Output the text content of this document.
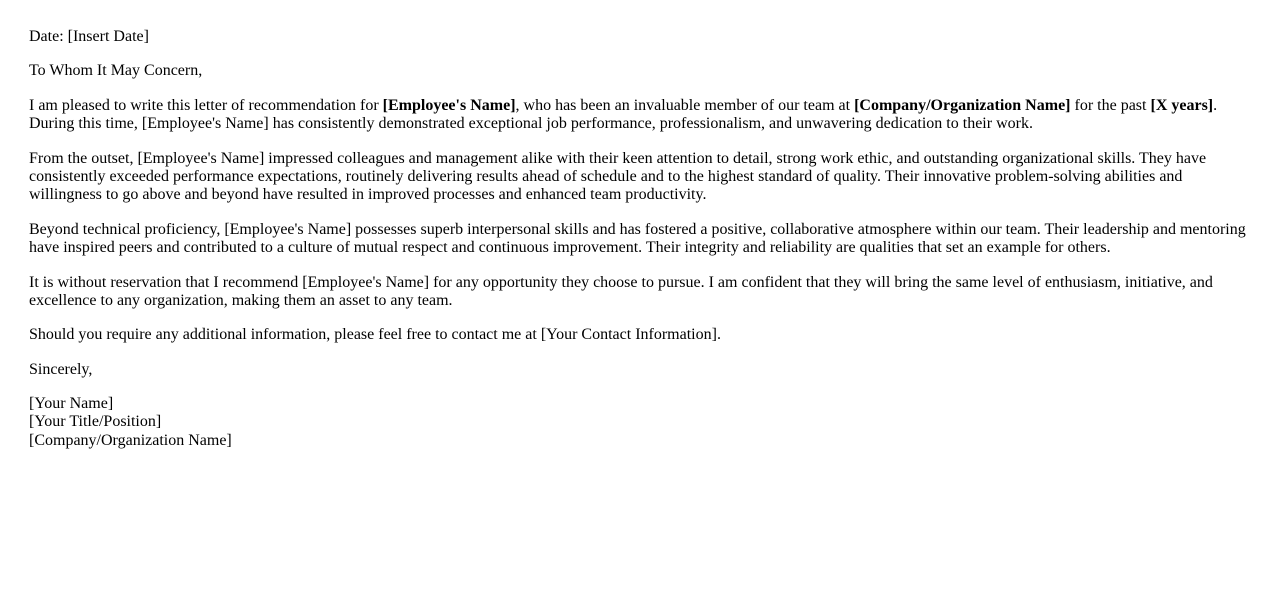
Date: [Insert Date]

To Whom It May Concern,

I am pleased to write this letter of recommendation for [Employee's Name], who has been an invaluable member of our team at [Company/Organization Name] for the past [X years]. During this time, [Employee's Name] has consistently demonstrated exceptional job performance, professionalism, and unwavering dedication to their work.

From the outset, [Employee's Name] impressed colleagues and management alike with their keen attention to detail, strong work ethic, and outstanding organizational skills. They have consistently exceeded performance expectations, routinely delivering results ahead of schedule and to the highest standard of quality. Their innovative problem-solving abilities and willingness to go above and beyond have resulted in improved processes and enhanced team productivity.

Beyond technical proficiency, [Employee's Name] possesses superb interpersonal skills and has fostered a positive, collaborative atmosphere within our team. Their leadership and mentoring have inspired peers and contributed to a culture of mutual respect and continuous improvement. Their integrity and reliability are qualities that set an example for others.

It is without reservation that I recommend [Employee's Name] for any opportunity they choose to pursue. I am confident that they will bring the same level of enthusiasm, initiative, and excellence to any organization, making them an asset to any team.

Should you require any additional information, please feel free to contact me at [Your Contact Information].

Sincerely,

[Your Name]
[Your Title/Position]
[Company/Organization Name]
